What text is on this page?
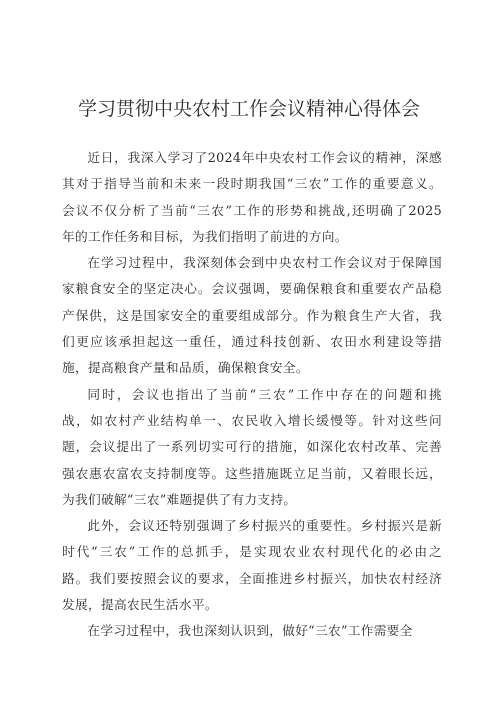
学习贯彻中央农村工作会议精神心得体会

近日，我深入学习了2024年中央农村工作会议的精神，深感
其对于指导当前和未来一段时期我国“三农”工作的重要意义。
会议不仅分析了当前“三农”工作的形势和挑战,还明确了2025
年的工作任务和目标，为我们指明了前进的方向。

在学习过程中，我深刻体会到中央农村工作会议对于保障国
家粮食安全的坚定决心。会议强调，要确保粮食和重要农产品稳
产保供，这是国家安全的重要组成部分。作为粮食生产大省，我
们更应该承担起这一重任，通过科技创新、农田水利建设等措
施，提高粮食产量和品质，确保粮食安全。

同时，会议也指出了当前“三农”工作中存在的问题和挑
战，如农村产业结构单一、农民收入增长缓慢等。针对这些问
题，会议提出了一系列切实可行的措施，如深化农村改革、完善
强农惠农富农支持制度等。这些措施既立足当前，又着眼长远，
为我们破解“三农”难题提供了有力支持。

此外，会议还特别强调了乡村振兴的重要性。乡村振兴是新
时代“三农”工作的总抓手，是实现农业农村现代化的必由之
路。我们要按照会议的要求，全面推进乡村振兴，加快农村经济
发展，提高农民生活水平。

在学习过程中，我也深刻认识到，做好“三农”工作需要全
